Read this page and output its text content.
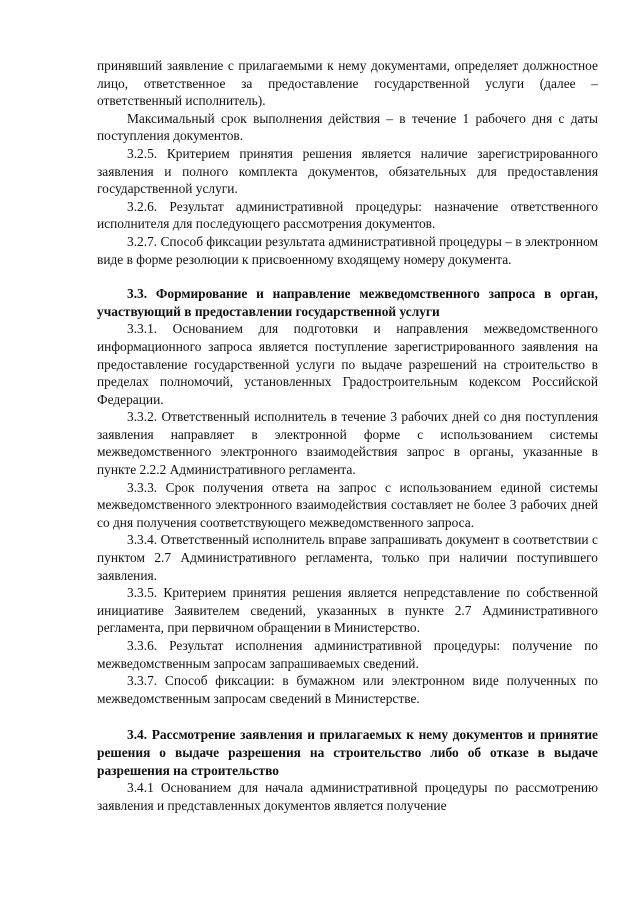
принявший заявление с прилагаемыми к нему документами, определяет должностное лицо, ответственное за предоставление государственной услуги (далее – ответственный исполнитель).

Максимальный срок выполнения действия – в течение 1 рабочего дня с даты поступления документов.

3.2.5. Критерием принятия решения является наличие зарегистрированного заявления и полного комплекта документов, обязательных для предоставления государственной услуги.

3.2.6. Результат административной процедуры: назначение ответственного исполнителя для последующего рассмотрения документов.

3.2.7. Способ фиксации результата административной процедуры – в электронном виде в форме резолюции к присвоенному входящему номеру документа.

3.3. Формирование и направление межведомственного запроса в орган, участвующий в предоставлении государственной услуги

3.3.1. Основанием для подготовки и направления межведомственного информационного запроса является поступление зарегистрированного заявления на предоставление государственной услуги по выдаче разрешений на строительство в пределах полномочий, установленных Градостроительным кодексом Российской Федерации.

3.3.2. Ответственный исполнитель в течение 3 рабочих дней со дня поступления заявления направляет в электронной форме с использованием системы межведомственного электронного взаимодействия запрос в органы, указанные в пункте 2.2.2 Административного регламента.

3.3.3. Срок получения ответа на запрос с использованием единой системы межведомственного электронного взаимодействия составляет не более 3 рабочих дней со дня получения соответствующего межведомственного запроса.

3.3.4. Ответственный исполнитель вправе запрашивать документ в соответствии с пунктом 2.7 Административного регламента, только при наличии поступившего заявления.

3.3.5. Критерием принятия решения является непредставление по собственной инициативе Заявителем сведений, указанных в пункте 2.7 Административного регламента, при первичном обращении в Министерство.

3.3.6. Результат исполнения административной процедуры: получение по межведомственным запросам запрашиваемых сведений.

3.3.7. Способ фиксации: в бумажном или электронном виде полученных по межведомственным запросам сведений в Министерстве.

3.4. Рассмотрение заявления и прилагаемых к нему документов и принятие решения о выдаче разрешения на строительство либо об отказе в выдаче разрешения на строительство

3.4.1 Основанием для начала административной процедуры по рассмотрению заявления и представленных документов является получение
